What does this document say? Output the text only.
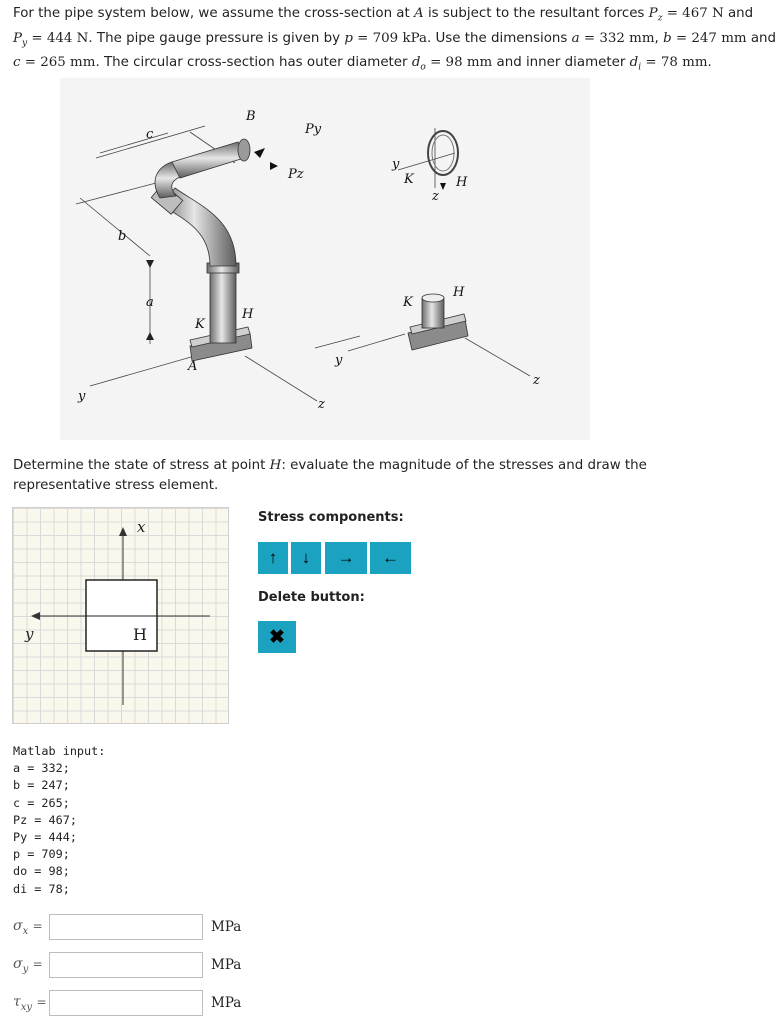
For the pipe system below, we assume the cross-section at A is subject to the resultant forces $P_z = 467$ N and
$P_y = 444$ N. The pipe gauge pressure is given by p = 709 kPa. Use the dimensions a = 332 mm, b = 247 mm and
c = 265 mm. The circular cross-section has outer diameter $d_o = 98$ mm and inner diameter $d_i = 78$ mm.
B
c
b
a
Py
Pz
K
H
A
y
y
z
y
K	H
z
K
H
z
Determine the state of stress at point H: evaluate the magnitude of the stresses and draw the representative stress element.
x
y	H
Stress components:
↑ ↓ → ←
Delete button:
✖
Matlab input:
a = 332;
b = 247;
c = 265;
Pz = 467;
Py = 444;
p = 709;
do = 98;
di = 78;
$\sigma_x$ =	MPa
$\sigma_y$ =	MPa
$\tau_{xy}$ =	MPa
